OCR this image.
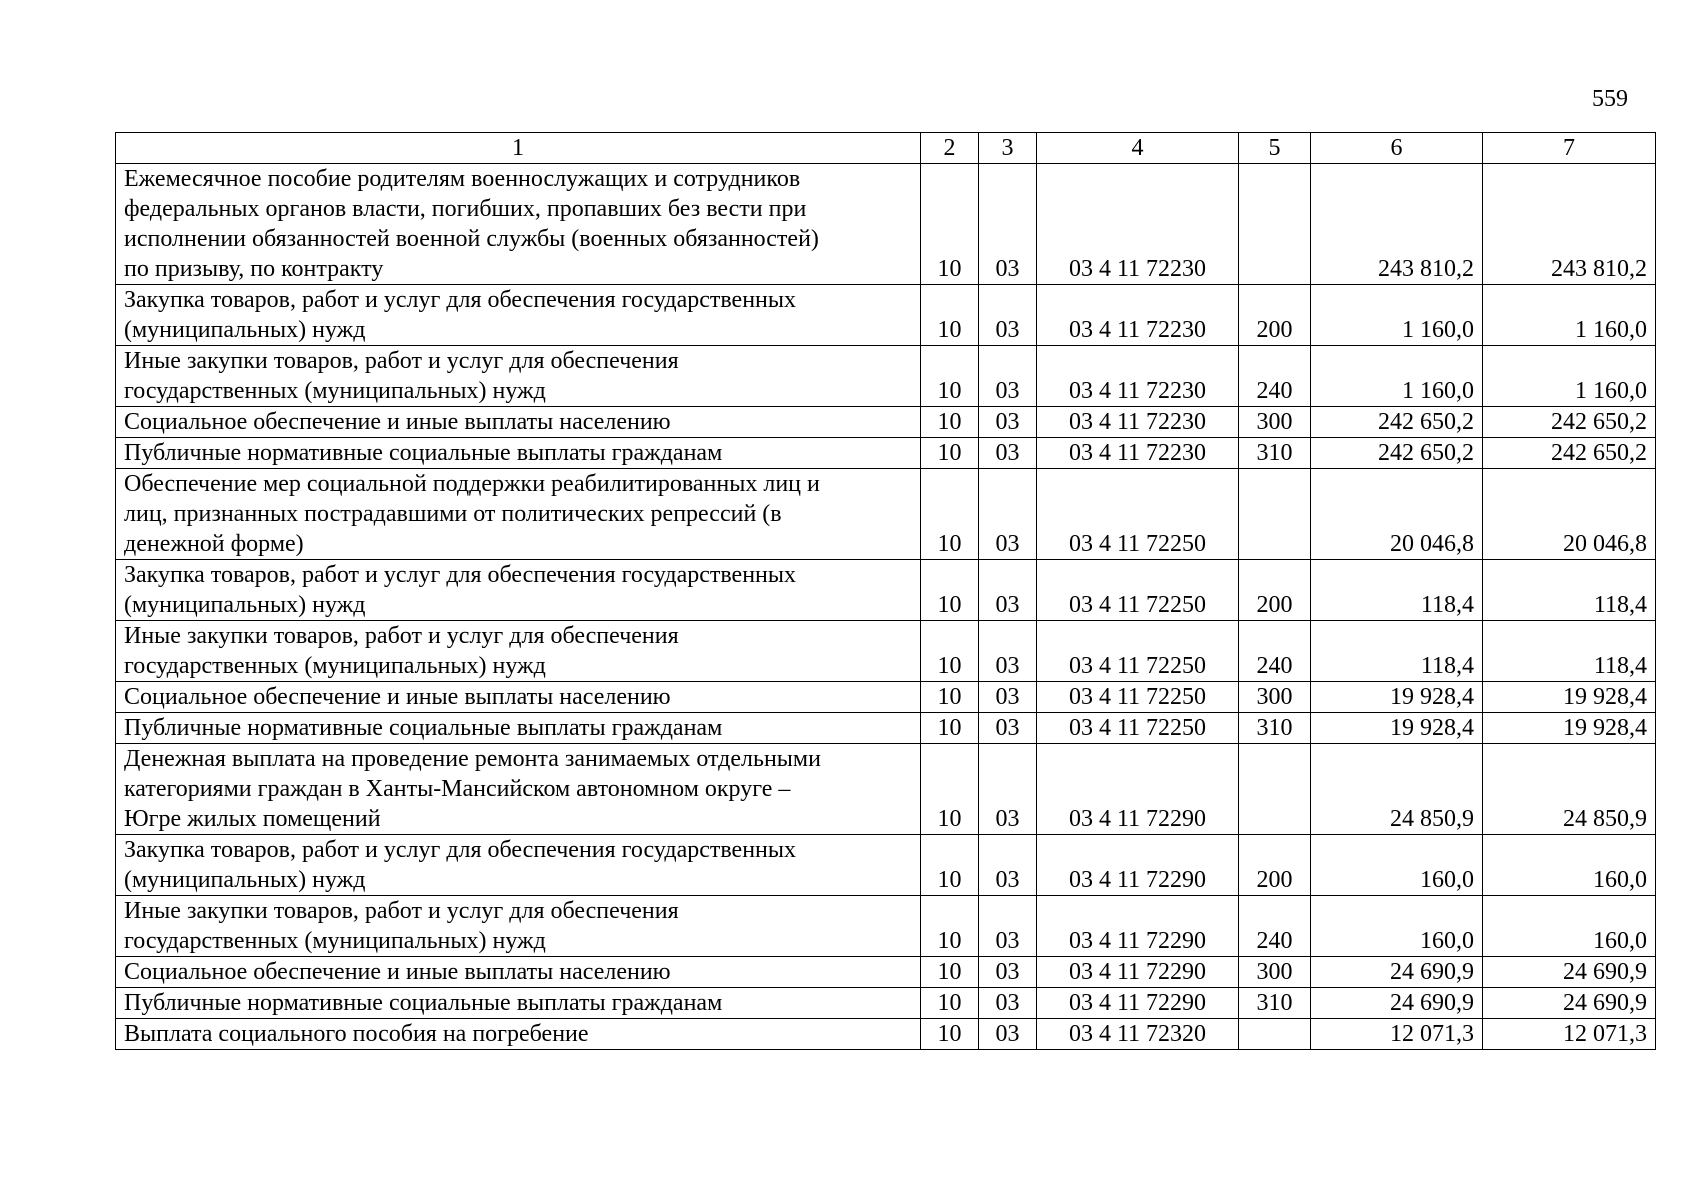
559
1	2	3	4	5	6	7
Ежемесячное пособие родителям военнослужащих и сотрудников
федеральных органов власти, погибших, пропавших без вести при
исполнении обязанностей военной службы (военных обязанностей)
по призыву, по контракту	10	03	03 4 11 72230		243 810,2	243 810,2
Закупка товаров, работ и услуг для обеспечения государственных
(муниципальных) нужд	10	03	03 4 11 72230	200	1 160,0	1 160,0
Иные закупки товаров, работ и услуг для обеспечения
государственных (муниципальных) нужд	10	03	03 4 11 72230	240	1 160,0	1 160,0
Социальное обеспечение и иные выплаты населению	10	03	03 4 11 72230	300	242 650,2	242 650,2
Публичные нормативные социальные выплаты гражданам	10	03	03 4 11 72230	310	242 650,2	242 650,2
Обеспечение мер социальной поддержки реабилитированных лиц и
лиц, признанных пострадавшими от политических репрессий (в
денежной форме)	10	03	03 4 11 72250		20 046,8	20 046,8
Закупка товаров, работ и услуг для обеспечения государственных
(муниципальных) нужд	10	03	03 4 11 72250	200	118,4	118,4
Иные закупки товаров, работ и услуг для обеспечения
государственных (муниципальных) нужд	10	03	03 4 11 72250	240	118,4	118,4
Социальное обеспечение и иные выплаты населению	10	03	03 4 11 72250	300	19 928,4	19 928,4
Публичные нормативные социальные выплаты гражданам	10	03	03 4 11 72250	310	19 928,4	19 928,4
Денежная выплата на проведение ремонта занимаемых отдельными
категориями граждан в Ханты-Мансийском автономном округе –
Югре жилых помещений	10	03	03 4 11 72290		24 850,9	24 850,9
Закупка товаров, работ и услуг для обеспечения государственных
(муниципальных) нужд	10	03	03 4 11 72290	200	160,0	160,0
Иные закупки товаров, работ и услуг для обеспечения
государственных (муниципальных) нужд	10	03	03 4 11 72290	240	160,0	160,0
Социальное обеспечение и иные выплаты населению	10	03	03 4 11 72290	300	24 690,9	24 690,9
Публичные нормативные социальные выплаты гражданам	10	03	03 4 11 72290	310	24 690,9	24 690,9
Выплата социального пособия на погребение	10	03	03 4 11 72320		12 071,3	12 071,3
